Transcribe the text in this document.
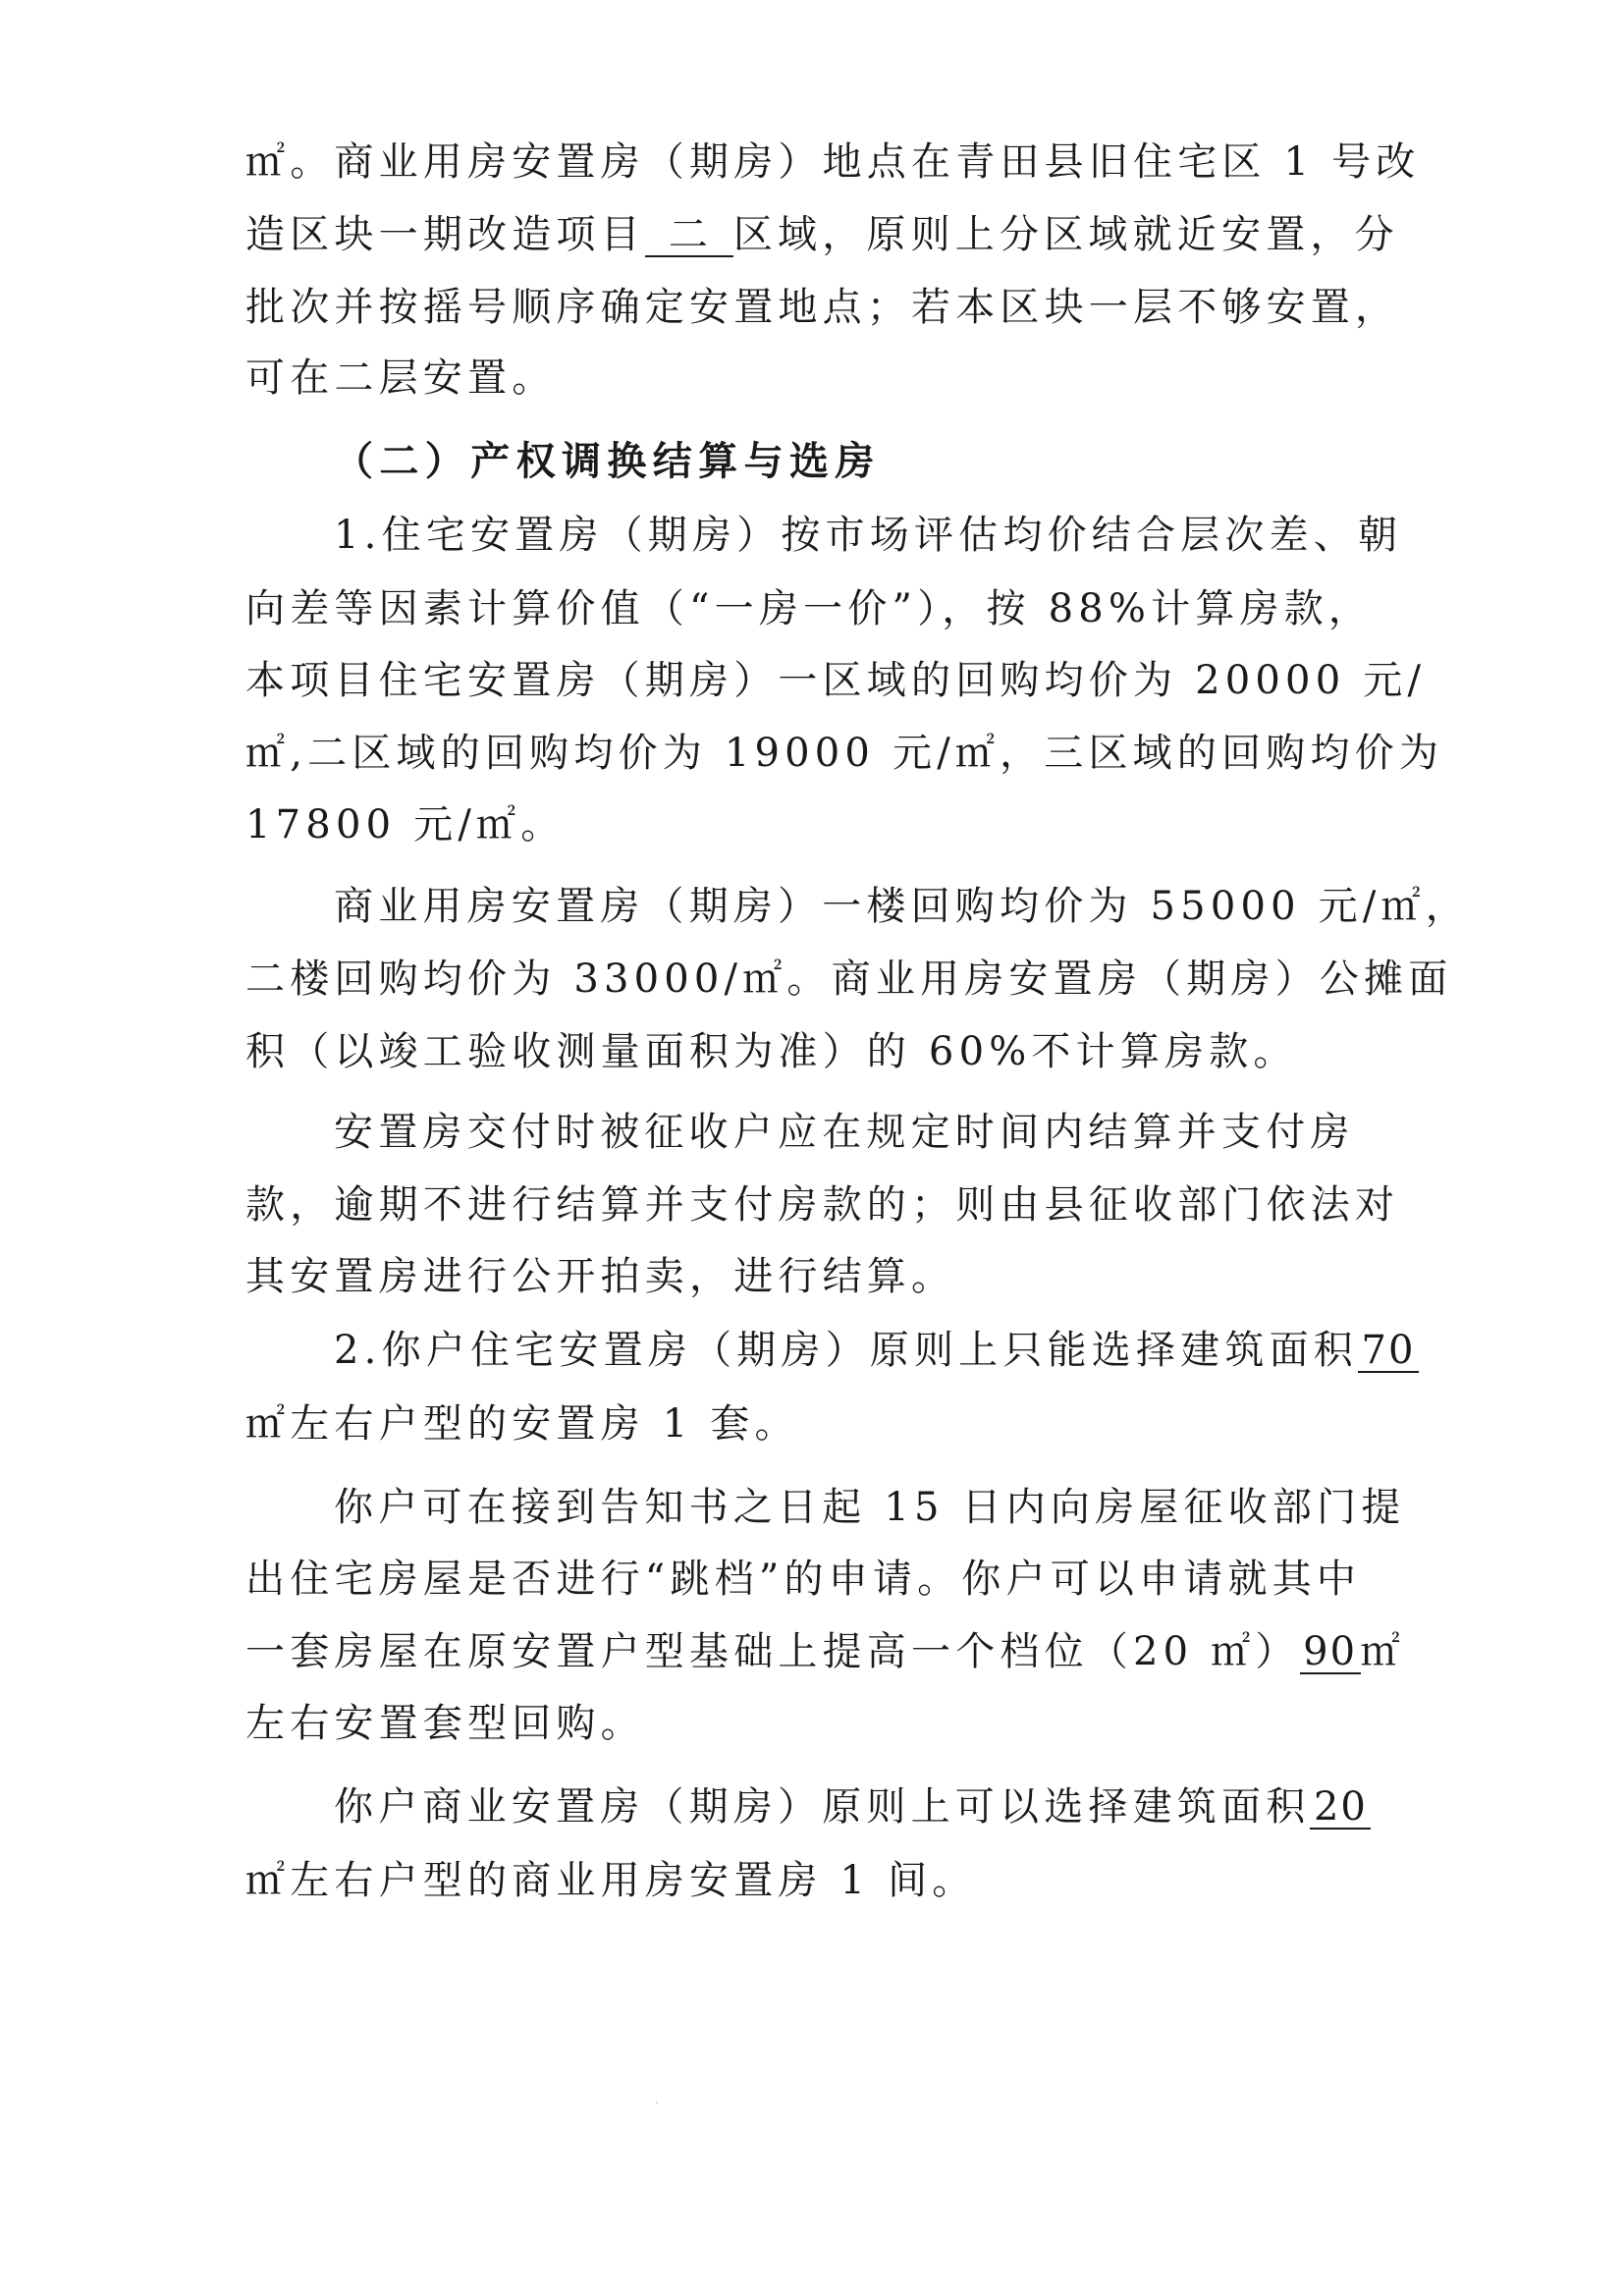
㎡。商业用房安置房（期房）地点在青田县旧住宅区 1 号改
造区块一期改造项目 二 区域，原则上分区域就近安置，分
批次并按摇号顺序确定安置地点；若本区块一层不够安置，
可在二层安置。
（二）产权调换结算与选房
1.住宅安置房（期房）按市场评估均价结合层次差、朝
向差等因素计算价值（“一房一价”），按 88%计算房款，
本项目住宅安置房（期房）一区域的回购均价为 20000 元/
㎡,二区域的回购均价为 19000 元/㎡，三区域的回购均价为
17800 元/㎡。
商业用房安置房（期房）一楼回购均价为 55000 元/㎡，
二楼回购均价为 33000/㎡。商业用房安置房（期房）公摊面
积（以竣工验收测量面积为准）的 60%不计算房款。
安置房交付时被征收户应在规定时间内结算并支付房
款，逾期不进行结算并支付房款的；则由县征收部门依法对
其安置房进行公开拍卖，进行结算。
2.你户住宅安置房（期房）原则上只能选择建筑面积70
㎡左右户型的安置房 1 套。
你户可在接到告知书之日起 15 日内向房屋征收部门提
出住宅房屋是否进行“跳档”的申请。你户可以申请就其中
一套房屋在原安置户型基础上提高一个档位（20 ㎡）90㎡
左右安置套型回购。
你户商业安置房（期房）原则上可以选择建筑面积20
㎡左右户型的商业用房安置房 1 间。
